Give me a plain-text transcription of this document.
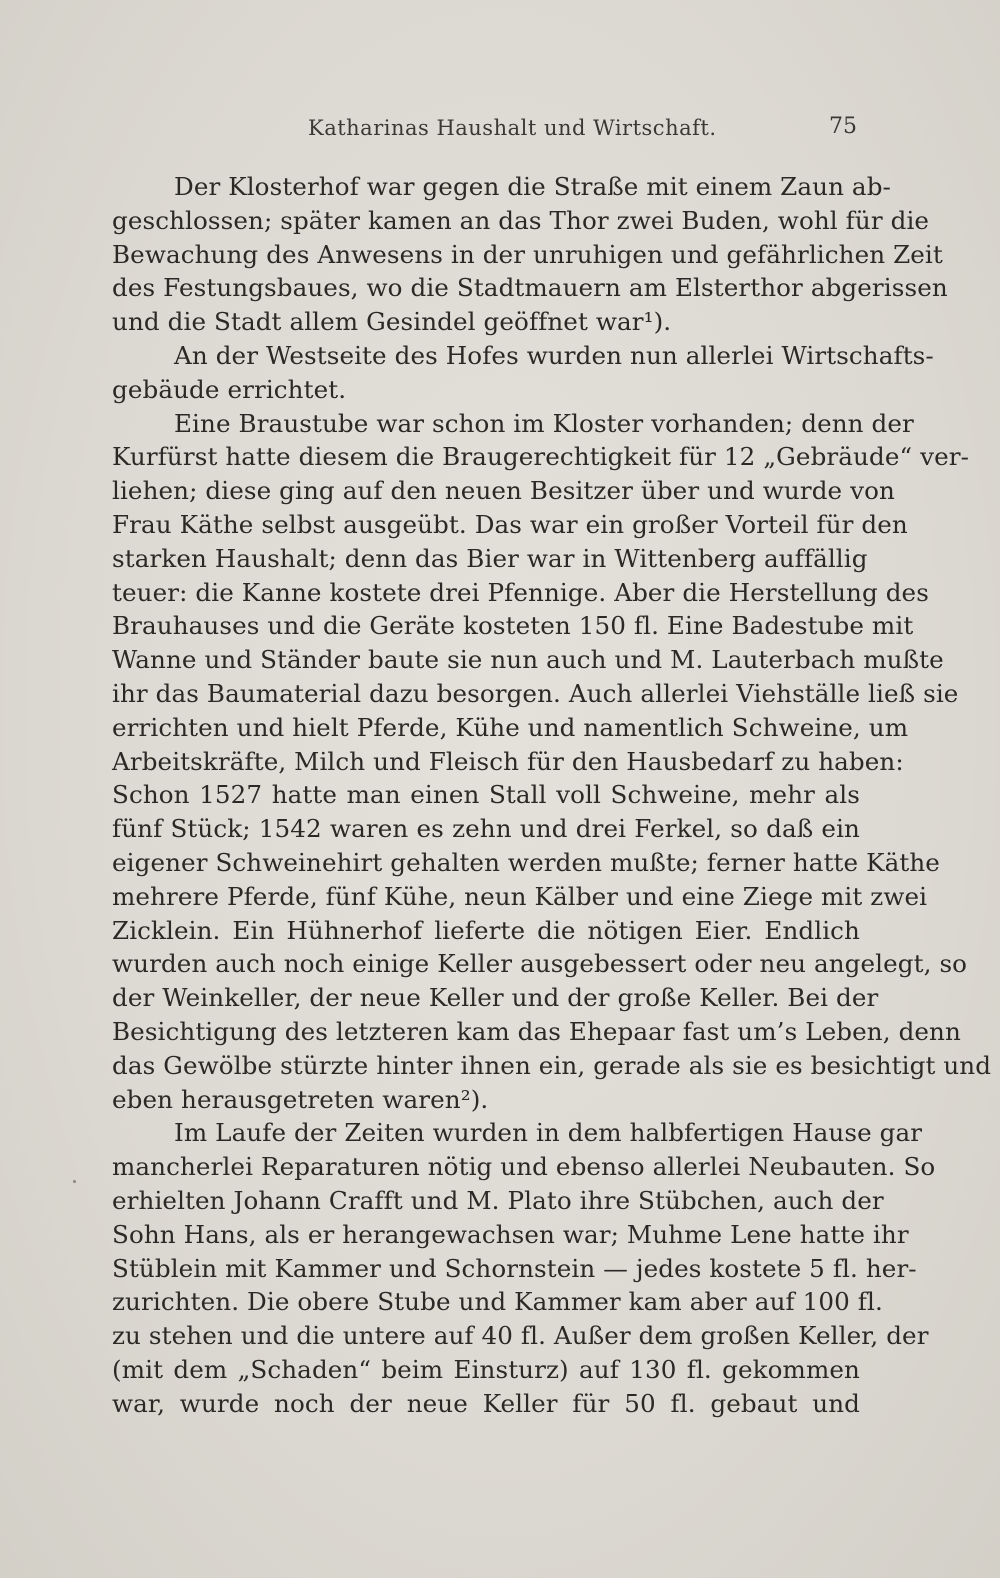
Katharinas Haushalt und Wirtschaft.	75
Der Klosterhof war gegen die Straße mit einem Zaun ab-
geschlossen; später kamen an das Thor zwei Buden, wohl für die
Bewachung des Anwesens in der unruhigen und gefährlichen Zeit
des Festungsbaues, wo die Stadtmauern am Elsterthor abgerissen
und die Stadt allem Gesindel geöffnet war¹).
An der Westseite des Hofes wurden nun allerlei Wirtschafts-
gebäude errichtet.
Eine Braustube war schon im Kloster vorhanden; denn der
Kurfürst hatte diesem die Braugerechtigkeit für 12 „Gebräude“ ver-
liehen; diese ging auf den neuen Besitzer über und wurde von
Frau Käthe selbst ausgeübt. Das war ein großer Vorteil für den
starken Haushalt; denn das Bier war in Wittenberg auffällig
teuer: die Kanne kostete drei Pfennige. Aber die Herstellung des
Brauhauses und die Geräte kosteten 150 fl. Eine Badestube mit
Wanne und Ständer baute sie nun auch und M. Lauterbach mußte
ihr das Baumaterial dazu besorgen. Auch allerlei Viehställe ließ sie
errichten und hielt Pferde, Kühe und namentlich Schweine, um
Arbeitskräfte, Milch und Fleisch für den Hausbedarf zu haben:
Schon 1527 hatte man einen Stall voll Schweine, mehr als
fünf Stück; 1542 waren es zehn und drei Ferkel, so daß ein
eigener Schweinehirt gehalten werden mußte; ferner hatte Käthe
mehrere Pferde, fünf Kühe, neun Kälber und eine Ziege mit zwei
Zicklein. Ein Hühnerhof lieferte die nötigen Eier. Endlich
wurden auch noch einige Keller ausgebessert oder neu angelegt, so
der Weinkeller, der neue Keller und der große Keller. Bei der
Besichtigung des letzteren kam das Ehepaar fast um’s Leben, denn
das Gewölbe stürzte hinter ihnen ein, gerade als sie es besichtigt und
eben herausgetreten waren²).
Im Laufe der Zeiten wurden in dem halbfertigen Hause gar
mancherlei Reparaturen nötig und ebenso allerlei Neubauten. So
erhielten Johann Crafft und M. Plato ihre Stübchen, auch der
Sohn Hans, als er herangewachsen war; Muhme Lene hatte ihr
Stüblein mit Kammer und Schornstein — jedes kostete 5 fl. her-
zurichten. Die obere Stube und Kammer kam aber auf 100 fl.
zu stehen und die untere auf 40 fl. Außer dem großen Keller, der
(mit dem „Schaden“ beim Einsturz) auf 130 fl. gekommen
war, wurde noch der neue Keller für 50 fl. gebaut und
